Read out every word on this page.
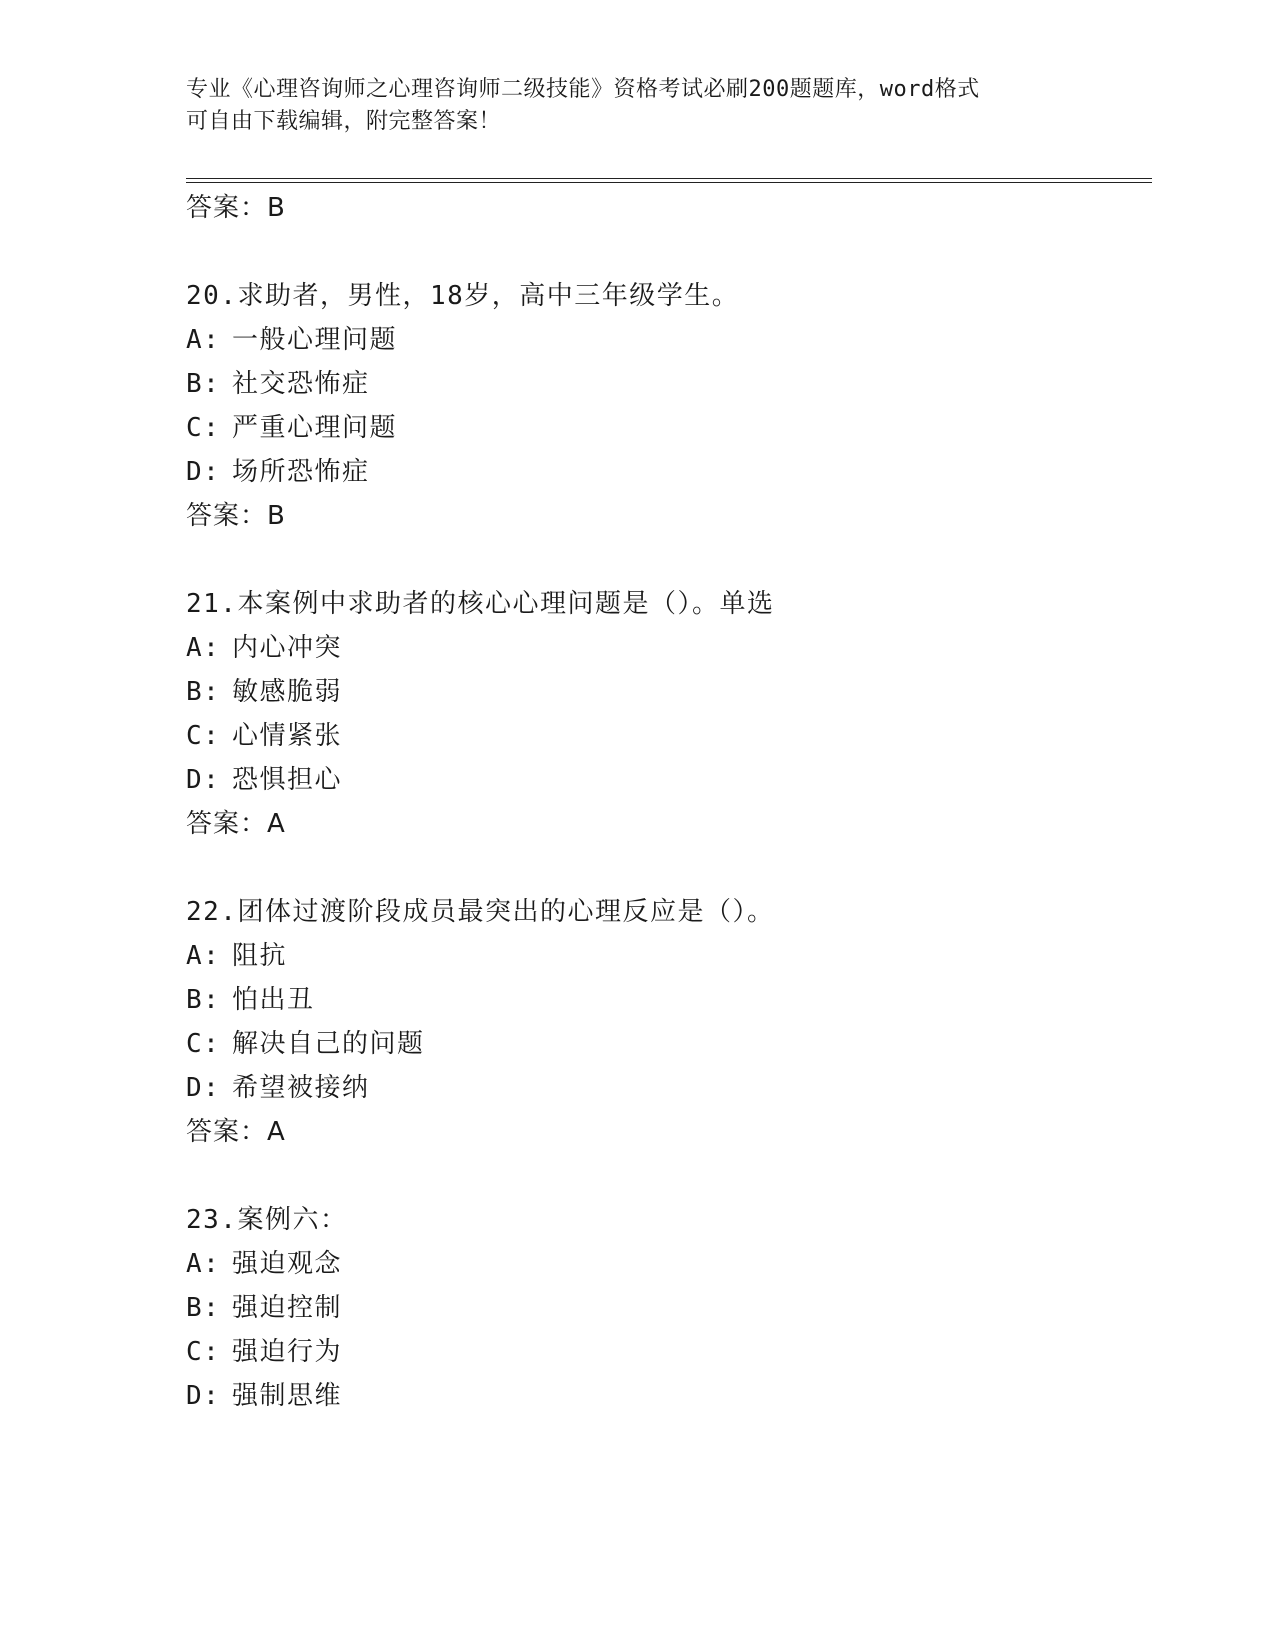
专业《心理咨询师之心理咨询师二级技能》资格考试必刷200题题库，word格式
可自由下载编辑，附完整答案！
答案：B
20.求助者，男性，18岁，高中三年级学生。
A: 一般心理问题
B: 社交恐怖症
C: 严重心理问题
D: 场所恐怖症
答案：B
21.本案例中求助者的核心心理问题是（）。单选
A: 内心冲突
B: 敏感脆弱
C: 心情紧张
D: 恐惧担心
答案：A
22.团体过渡阶段成员最突出的心理反应是（）。
A: 阻抗
B: 怕出丑
C: 解决自己的问题
D: 希望被接纳
答案：A
23.案例六：
A: 强迫观念
B: 强迫控制
C: 强迫行为
D: 强制思维
